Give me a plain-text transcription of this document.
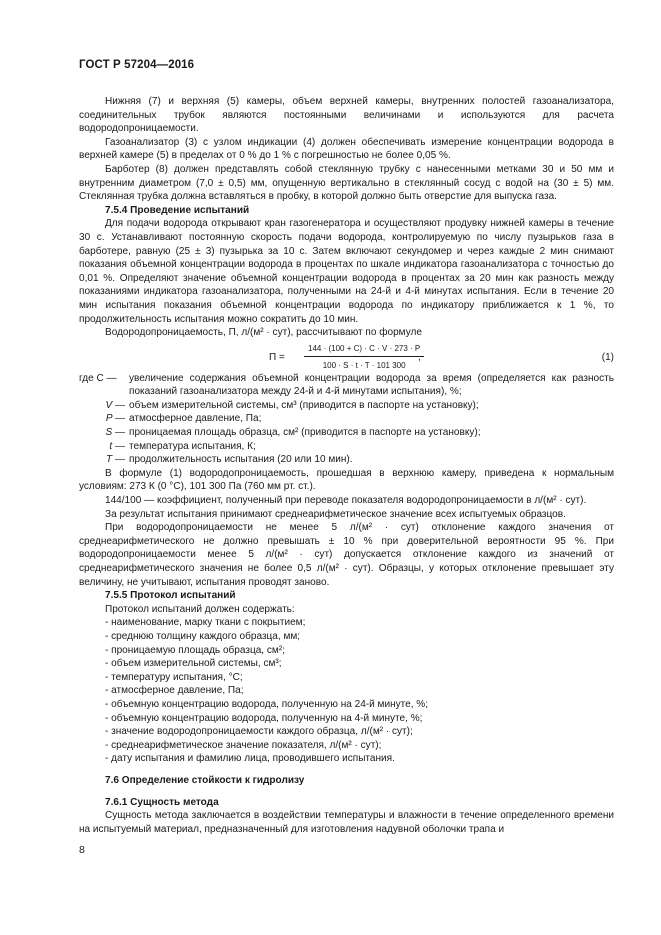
ГОСТ Р 57204—2016

Нижняя (7) и верхняя (5) камеры, объем верхней камеры, внутренних полостей газоанализатора, соединительных трубок являются постоянными величинами и используются для расчета водородопроницаемости.

Газоанализатор (3) с узлом индикации (4) должен обеспечивать измерение концентрации водорода в верхней камере (5) в пределах от 0 % до 1 % с погрешностью не более 0,05 %.

Барботер (8) должен представлять собой стеклянную трубку с нанесенными метками 30 и 50 мм и внутренним диаметром (7,0 ± 0,5) мм, опущенную вертикально в стеклянный сосуд с водой на (30 ± 5) мм. Стеклянная трубка должна вставляться в пробку, в которой должно быть отверстие для выпуска газа.

7.5.4 Проведение испытаний

Для подачи водорода открывают кран газогенератора и осуществляют продувку нижней камеры в течение 30 с. Устанавливают постоянную скорость подачи водорода, контролируемую по числу пузырьков газа в барботере, равную (25 ± 3) пузырька за 10 с. Затем включают секундомер и через каждые 2 мин снимают показания объемной концентрации водорода в процентах по шкале индикатора газоанализатора с точностью до 0,01 %. Определяют значение объемной концентрации водорода в процентах за 20 мин как разность между показаниями индикатора газоанализатора, полученными на 24-й и 4-й минутах испытания. Если в течение 20 мин испытания показания объемной концентрации водорода по индикатору приближается к 1 %, то продолжительность испытания можно сократить до 10 мин.

Водородопроницаемость, П, л/(м² · сут), рассчитывают по формуле

$П = \frac{144 \cdot (100 + C) \cdot C \cdot V \cdot 273 \cdot P}{100 \cdot S \cdot t \cdot T \cdot 101 300}$
,	(1)
где С —	увеличение содержания объемной концентрации водорода за время (определяется как разность показаний газоанализатора между 24-й и 4-й минутами испытания), %;
V — объем измерительной системы, см³ (приводится в паспорте на установку);
P — атмосферное давление, Па;
S — проницаемая площадь образца, см² (приводится в паспорте на установку);
t — температура испытания, К;
T — продолжительность испытания (20 или 10 мин).

В формуле (1) водородопроницаемость, прошедшая в верхнюю камеру, приведена к нормальным условиям: 273 К (0 °С), 101 300 Па (760 мм рт. ст.).

144/100 — коэффициент, полученный при переводе показателя водородопроницаемости в л/(м² · сут).

За результат испытания принимают среднеарифметическое значение всех испытуемых образцов.

При водородопроницаемости не менее 5 л/(м² · сут) отклонение каждого значения от среднеарифметического не должно превышать ± 10 % при доверительной вероятности 95 %. При водородопроницаемости менее 5 л/(м² · сут) допускается отклонение каждого из значений от среднеарифметического значения не более 0,5 л/(м² · сут). Образцы, у которых отклонение превышает эту величину, не учитывают, испытания проводят заново.

7.5.5 Протокол испытаний

Протокол испытаний должен содержать:

- наименование, марку ткани с покрытием;

- среднюю толщину каждого образца, мм;

- проницаемую площадь образца, см²;

- объем измерительной системы, см³;

- температуру испытания, °С;

- атмосферное давление, Па;

- объемную концентрацию водорода, полученную на 24-й минуте, %;

- объемную концентрацию водорода, полученную на 4-й минуте, %;

- значение водородопроницаемости каждого образца, л/(м² · сут);

- среднеарифметическое значение показателя, л/(м² · сут);

- дату испытания и фамилию лица, проводившего испытания.

7.6 Определение стойкости к гидролизу

7.6.1 Сущность метода

Сущность метода заключается в воздействии температуры и влажности в течение определенного времени на испытуемый материал, предназначенный для изготовления надувной оболочки трапа и

8
